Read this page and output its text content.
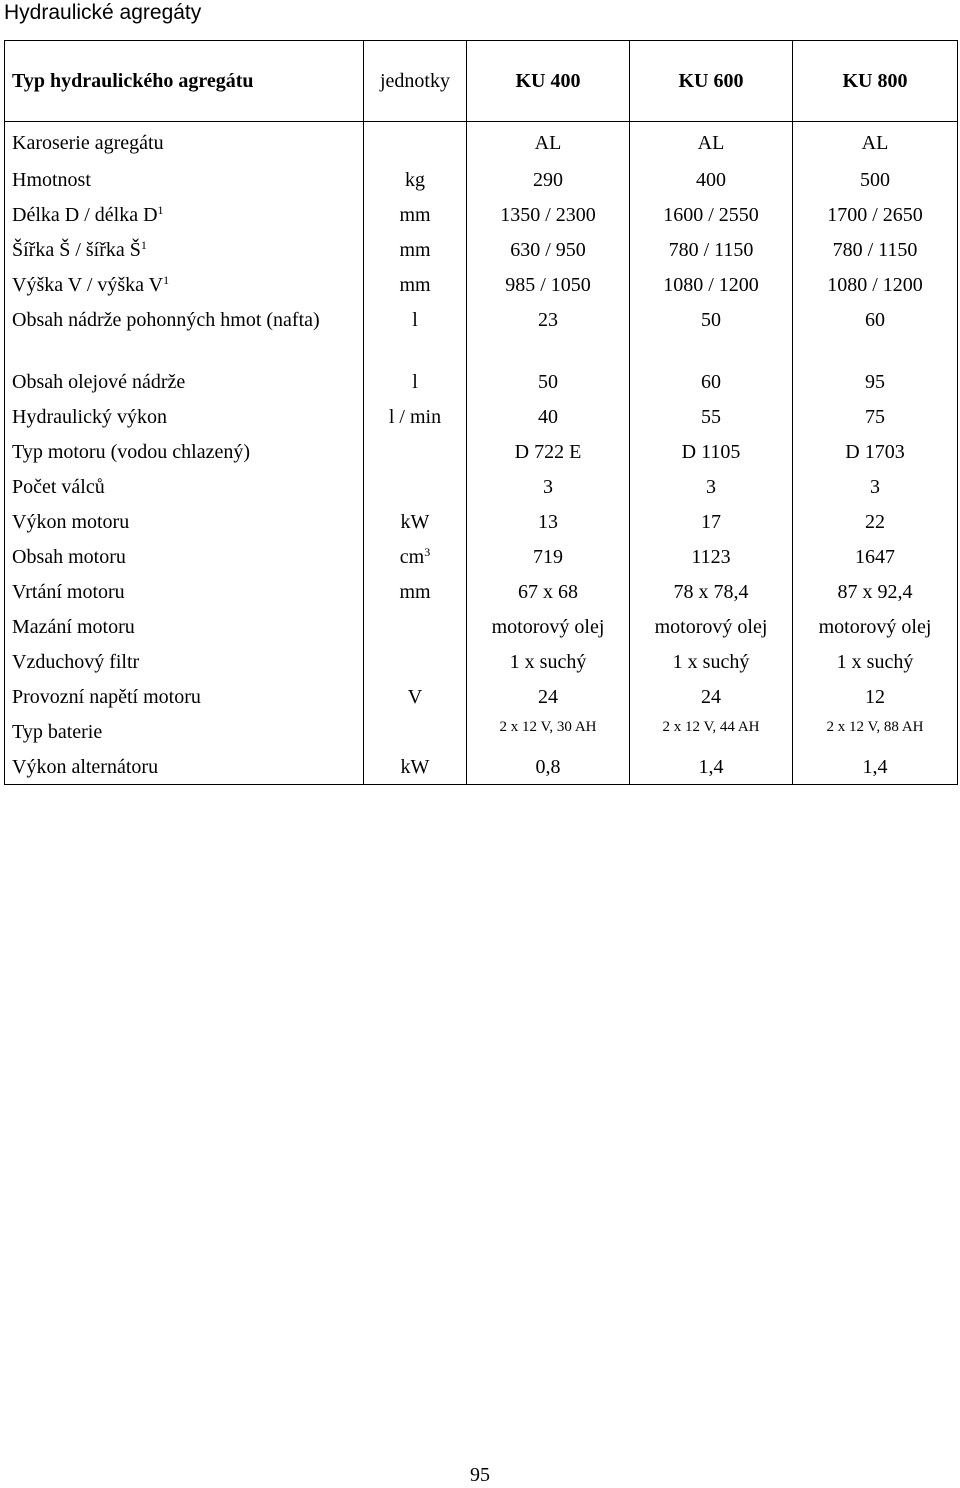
Hydraulické agregáty
Typ hydraulického agregátu	jednotky	KU 400	KU 600	KU 800
Karoserie agregátu		AL	AL	AL
Hmotnost	kg	290	400	500
Délka D / délka $D^1$	mm	1350 / 2300	1600 / 2550	1700 / 2650
Šířka Š / šířka $Š^1$	mm	630 / 950	780 / 1150	780 / 1150
Výška V / výška $V^1$	mm	985 / 1050	1080 / 1200	1080 / 1200
Obsah nádrže pohonných hmot (nafta)	l	23	50	60
Obsah olejové nádrže	l	50	60	95
Hydraulický výkon	l / min	40	55	75
Typ motoru (vodou chlazený)		D 722 E	D 1105	D 1703
Počet válců		3	3	3
Výkon motoru	kW	13	17	22
Obsah motoru	$cm^3$	719	1123	1647
Vrtání motoru	mm	67 x 68	78 x 78,4	87 x 92,4
Mazání motoru		motorový olej	motorový olej	motorový olej
Vzduchový filtr		1 x suchý	1 x suchý	1 x suchý
Provozní napětí motoru	V	24	24	12
Typ baterie		2 x 12 V, 30 AH	2 x 12 V, 44 AH	2 x 12 V, 88 AH
Výkon alternátoru	kW	0,8	1,4	1,4
95
